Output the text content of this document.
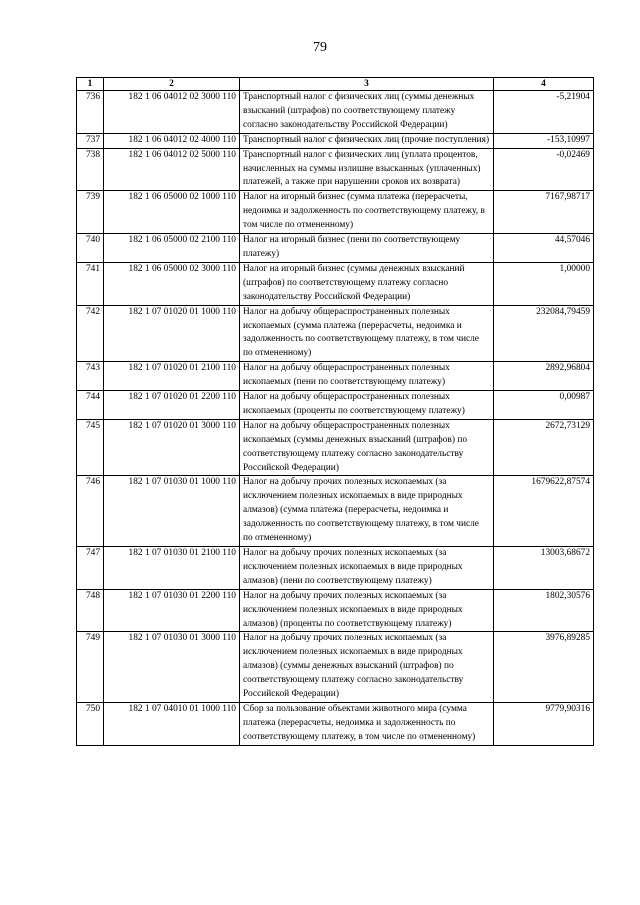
79
1	2	3	4
736	182 1 06 04012 02 3000 110	Транспортный налог с физических лиц (суммы денежных взысканий (штрафов) по соответствующему платежу согласно законодательству Российской Федерации)	-5,21904
737	182 1 06 04012 02 4000 110	Транспортный налог с физических лиц (прочие поступления)	-153,10997
738	182 1 06 04012 02 5000 110	Транспортный налог с физических лиц (уплата процентов, начисленных на суммы излишне взысканных (уплаченных) платежей, а также при нарушении сроков их возврата)	-0,02469
739	182 1 06 05000 02 1000 110	Налог на игорный бизнес (сумма платежа (перерасчеты, недоимка и задолженность по соответствующему платежу, в том числе по отмененному)	7167,98717
740	182 1 06 05000 02 2100 110	Налог на игорный бизнес (пени по соответствующему платежу)	44,57046
741	182 1 06 05000 02 3000 110	Налог на игорный бизнес (суммы денежных взысканий (штрафов) по соответствующему платежу согласно законодательству Российской Федерации)	1,00000
742	182 1 07 01020 01 1000 110	Налог на добычу общераспространенных полезных ископаемых (сумма платежа (перерасчеты, недоимка и задолженность по соответствующему платежу, в том числе по отмененному)	232084,79459
743	182 1 07 01020 01 2100 110	Налог на добычу общераспространенных полезных ископаемых (пени по соответствующему платежу)	2892,96804
744	182 1 07 01020 01 2200 110	Налог на добычу общераспространенных полезных ископаемых (проценты по соответствующему платежу)	0,00987
745	182 1 07 01020 01 3000 110	Налог на добычу общераспространенных полезных ископаемых (суммы денежных взысканий (штрафов) по соответствующему платежу согласно законодательству Российской Федерации)	2672,73129
746	182 1 07 01030 01 1000 110	Налог на добычу прочих полезных ископаемых (за исключением полезных ископаемых в виде природных алмазов) (сумма платежа (перерасчеты, недоимка и задолженность по соответствующему платежу, в том числе по отмененному)	1679622,87574
747	182 1 07 01030 01 2100 110	Налог на добычу прочих полезных ископаемых (за исключением полезных ископаемых в виде природных алмазов) (пени по соответствующему платежу)	13003,68672
748	182 1 07 01030 01 2200 110	Налог на добычу прочих полезных ископаемых (за исключением полезных ископаемых в виде природных алмазов) (проценты по соответствующему платежу)	1802,30576
749	182 1 07 01030 01 3000 110	Налог на добычу прочих полезных ископаемых (за исключением полезных ископаемых в виде природных алмазов) (суммы денежных взысканий (штрафов) по соответствующему платежу согласно законодательству Российской Федерации)	3976,89285
750	182 1 07 04010 01 1000 110	Сбор за пользование объектами животного мира (сумма платежа (перерасчеты, недоимка и задолженность по соответствующему платежу, в том числе по отмененному)	9779,90316
